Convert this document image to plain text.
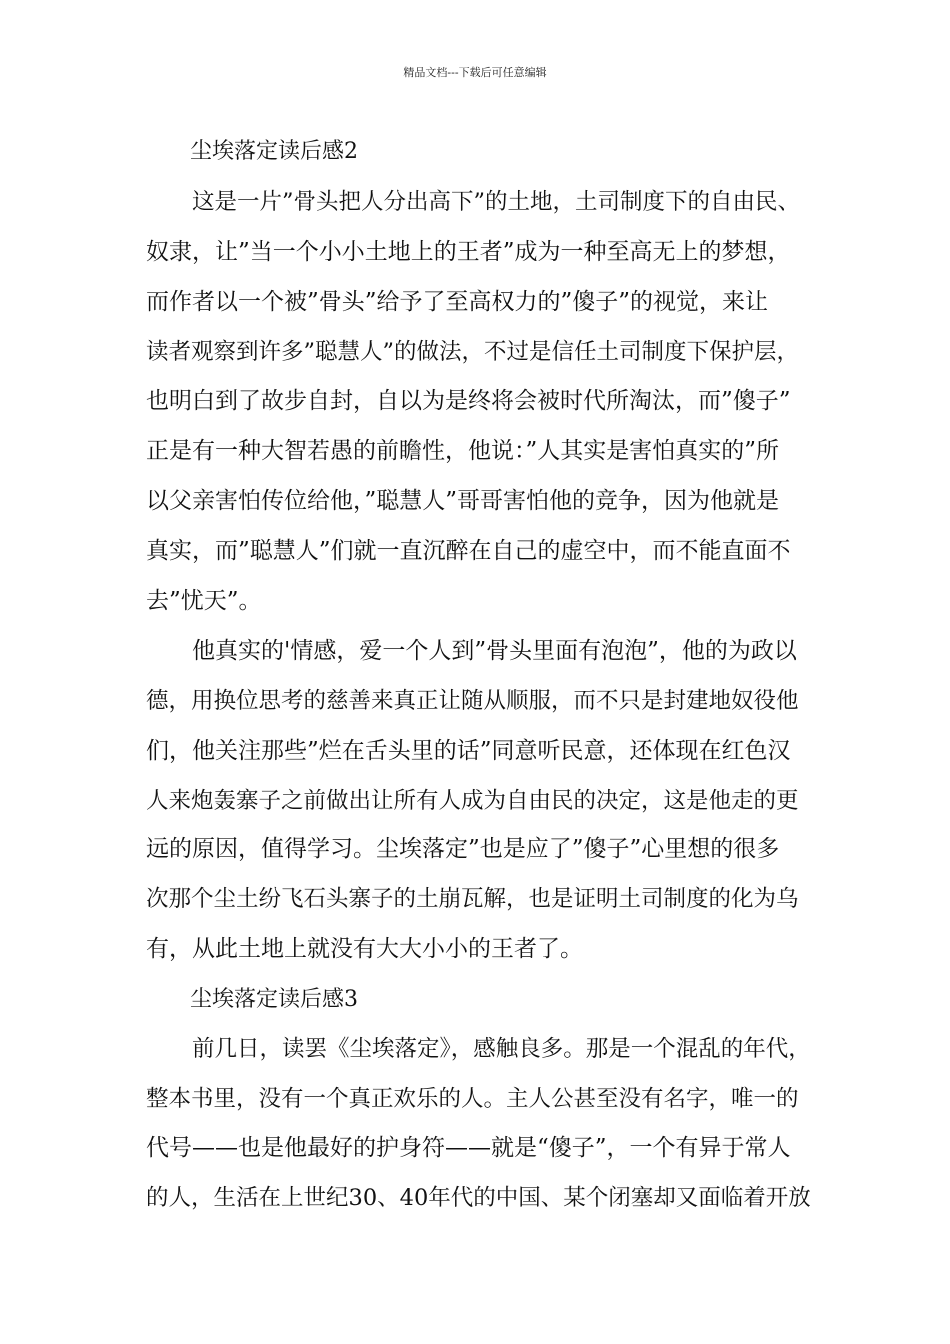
精品文档---下载后可任意编辑
尘埃落定读后感2
这是一片”骨头把人分出高下”的土地，土司制度下的自由民、
奴隶，让”当一个小小土地上的王者”成为一种至高无上的梦想，
而作者以一个被”骨头”给予了至高权力的”傻子”的视觉，来让
读者观察到许多”聪慧人”的做法，不过是信任土司制度下保护层，
也明白到了故步自封，自以为是终将会被时代所淘汰，而”傻子”
正是有一种大智若愚的前瞻性，他说：”人其实是害怕真实的”所
以父亲害怕传位给他，”聪慧人”哥哥害怕他的竞争，因为他就是
真实，而”聪慧人”们就一直沉醉在自己的虚空中，而不能直面不
去”忧天”。
他真实的'情感，爱一个人到”骨头里面有泡泡”，他的为政以
德，用换位思考的慈善来真正让随从顺服，而不只是封建地奴役他
们，他关注那些”烂在舌头里的话”同意听民意，还体现在红色汉
人来炮轰寨子之前做出让所有人成为自由民的决定，这是他走的更
远的原因，值得学习。尘埃落定”也是应了”傻子”心里想的很多
次那个尘土纷飞石头寨子的土崩瓦解，也是证明土司制度的化为乌
有，从此土地上就没有大大小小的王者了。
尘埃落定读后感3
前几日，读罢《尘埃落定》，感触良多。那是一个混乱的年代，
整本书里，没有一个真正欢乐的人。主人公甚至没有名字，唯一的
代号——也是他最好的护身符——就是“傻子”，一个有异于常人
的人，生活在上世纪30、40年代的中国、某个闭塞却又面临着开放
